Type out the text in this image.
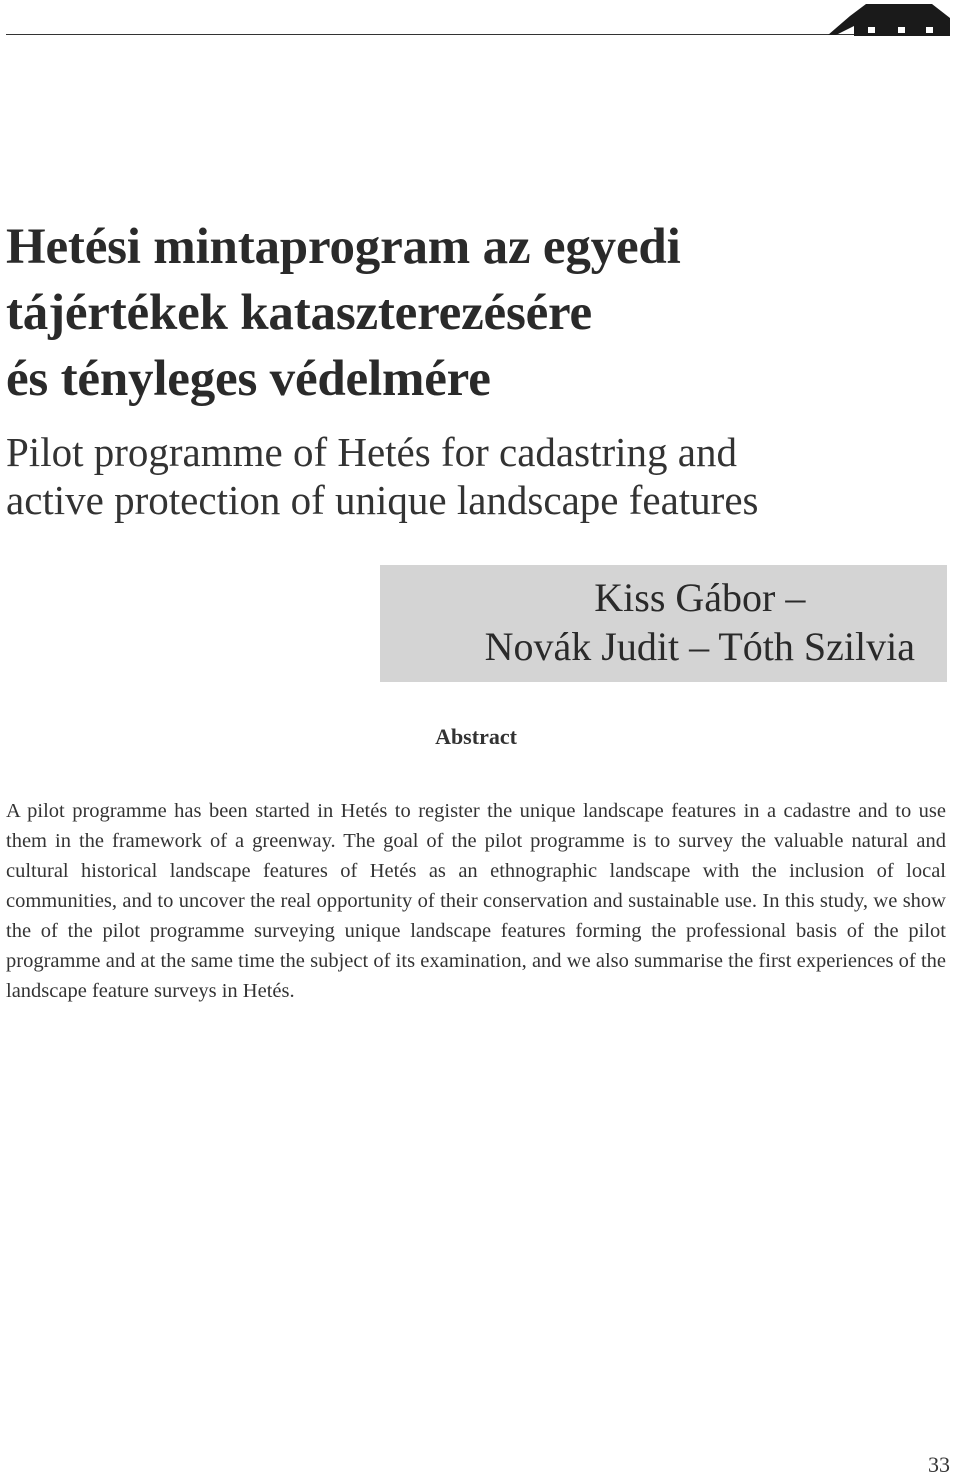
Hetési mintaprogram az egyedi
tájértékek kataszterezésére
és tényleges védelmére
Pilot programme of Hetés for cadastring and
active protection of unique landscape features
Kiss Gábor –
Novák Judit – Tóth Szilvia
Abstract

A pilot programme has been started in Hetés to register the unique landscape features in a cadastre and to use them in the framework of a greenway. The goal of the pilot programme is to survey the valuable natural and cultural historical landscape features of Hetés as an ethnographic landscape with the inclusion of local communities, and to uncover the real opportunity of their conservation and sustainable use. In this study, we show the of the pilot programme surveying unique landscape features forming the professional basis of the pilot programme and at the same time the subject of its examination, and we also summarise the first experiences of the landscape feature surveys in Hetés.

33
